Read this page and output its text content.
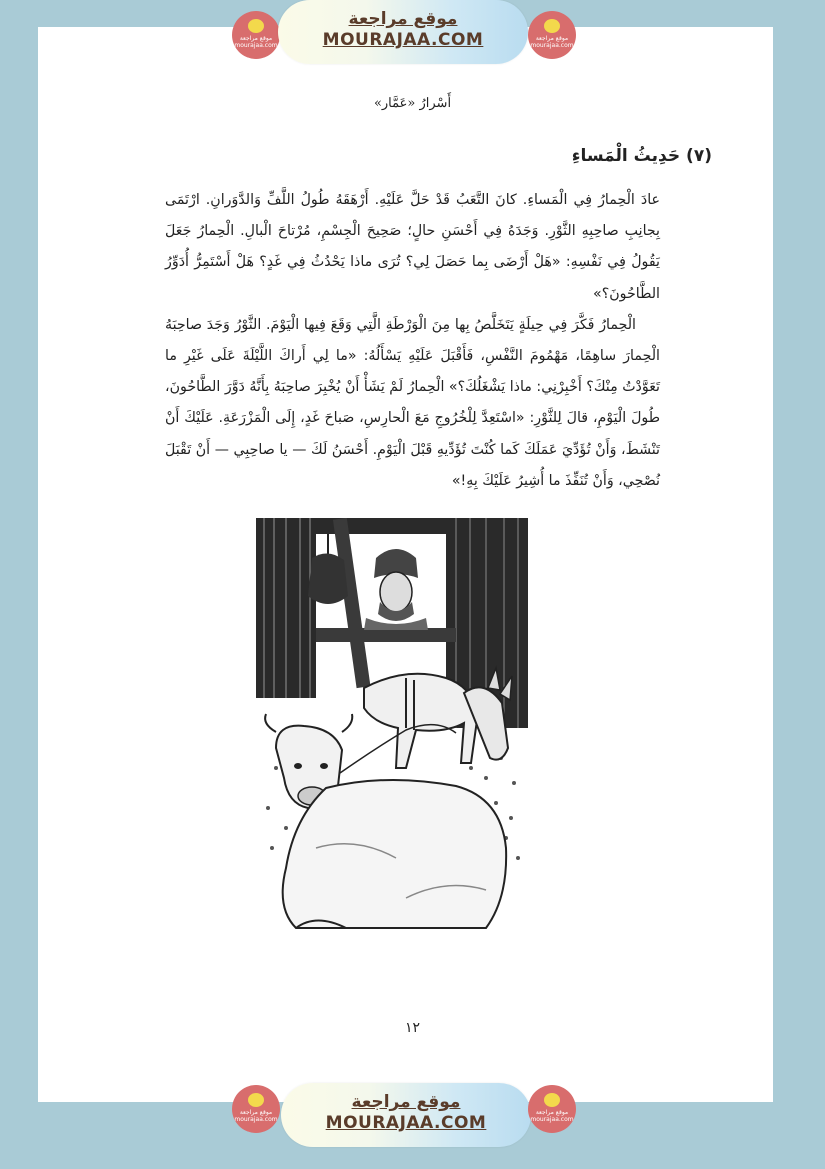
موقع مراجعة
mourajaa.com
موقع مراجعة
MOURAJAA.COM	موقع مراجعة
mourajaa.com
أَسْرارُ «عَمَّار»
(٧) حَدِيثُ الْمَساءِ

عادَ الْحِمارُ فِي الْمَساءِ. كانَ التَّعَبُ قَدْ حَلَّ عَلَيْهِ. أَرْهَقَهُ طُولُ اللَّفِّ وَالدَّوَرانِ. ارْتَمَى بِجانِبِ صاحِبِهِ الثَّوْرِ. وَجَدَهُ فِي أَحْسَنِ حالٍ؛ صَحِيحَ الْجِسْمِ، مُرْتاحَ الْبالِ. الْحِمارُ جَعَلَ يَقُولُ فِي نَفْسِهِ: «هَلْ أَرْضَى بِما حَصَلَ لِي؟ تُرَى ماذا يَحْدُثُ فِي غَدٍ؟ هَلْ أَسْتَمِرُّ أُدَوِّرُ الطَّاحُونَ؟»

الْحِمارُ فَكَّرَ فِي حِيلَةٍ يَتَخَلَّصُ بِها مِنَ الْوَرْطَةِ الَّتِي وَقَعَ فِيها الْيَوْمَ. الثَّوْرُ وَجَدَ صاحِبَهُ الْحِمارَ ساهِمًا، مَهْمُومَ النَّفْسِ، فَأَقْبَلَ عَلَيْهِ يَسْأَلُهُ: «ما لِي أَراكَ اللَّيْلَةَ عَلَى غَيْرِ ما تَعَوَّدْتُ مِنْكَ؟ أَخْبِرْنِي: ماذا يَشْغَلُكَ؟» الْحِمارُ لَمْ يَشَأْ أَنْ يُخْبِرَ صاحِبَهُ بِأَنَّهُ دَوَّرَ الطَّاحُونَ، طُولَ الْيَوْمِ، قالَ لِلثَّوْرِ: «اسْتَعِدَّ لِلْخُرُوجِ مَعَ الْحارِسِ، صَباحَ غَدٍ، إِلَى الْمَزْرَعَةِ. عَلَيْكَ أَنْ تَنْشَطَ، وَأَنْ تُؤَدِّيَ عَمَلَكَ كَما كُنْتَ تُؤَدِّيهِ قَبْلَ الْيَوْمِ. أَحْسَنُ لَكَ — يا صاحِبِي — أَنْ تَقْبَلَ نُصْحِي، وَأَنْ تُنَفِّذَ ما أُشِيرُ عَلَيْكَ بِهِ!»

١٢
موقع مراجعة
mourajaa.com
موقع مراجعة
MOURAJAA.COM
موقع مراجعة
mourajaa.com
